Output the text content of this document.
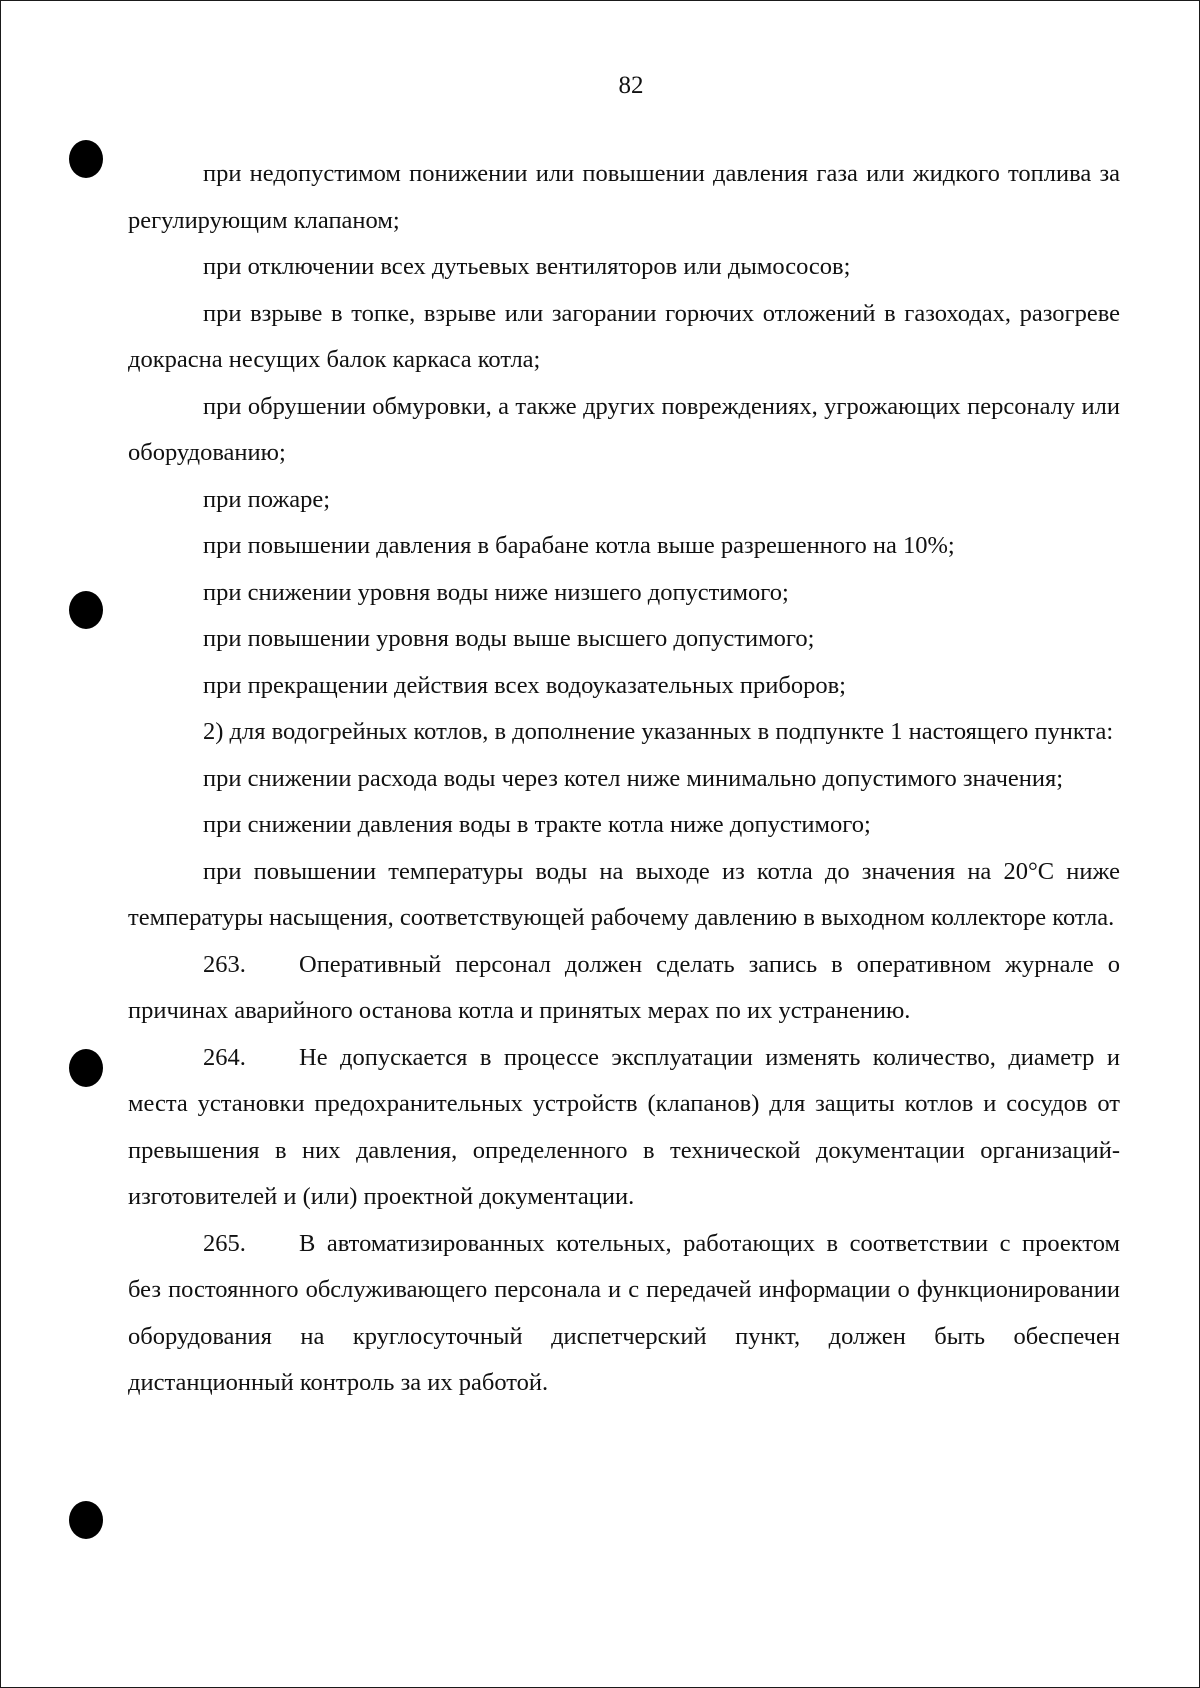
82

при недопустимом понижении или повышении давления газа или жидкого топлива за регулирующим клапаном;

при отключении всех дутьевых вентиляторов или дымососов;

при взрыве в топке, взрыве или загорании горючих отложений в газоходах, разогреве докрасна несущих балок каркаса котла;

при обрушении обмуровки, а также других повреждениях, угрожающих персоналу или оборудованию;

при пожаре;

при повышении давления в барабане котла выше разрешенного на 10%;

при снижении уровня воды ниже низшего допустимого;

при повышении уровня воды выше высшего допустимого;

при прекращении действия всех водоуказательных приборов;

2) для водогрейных котлов, в дополнение указанных в подпункте 1 настоящего пункта:

при снижении расхода воды через котел ниже минимально допустимого значения;

при снижении давления воды в тракте котла ниже допустимого;

при повышении температуры воды на выходе из котла до значения на 20°С ниже температуры насыщения, соответствующей рабочему давлению в выходном коллекторе котла.

263. Оперативный персонал должен сделать запись в оперативном журнале о причинах аварийного останова котла и принятых мерах по их устранению.

264. Не допускается в процессе эксплуатации изменять количество, диаметр и места установки предохранительных устройств (клапанов) для защиты котлов и сосудов от превышения в них давления, определенного в технической документации организаций-изготовителей и (или) проектной документации.

265. В автоматизированных котельных, работающих в соответствии с проектом без постоянного обслуживающего персонала и с передачей информации о функционировании оборудования на круглосуточный диспетчерский пункт, должен быть обеспечен дистанционный контроль за их работой.
